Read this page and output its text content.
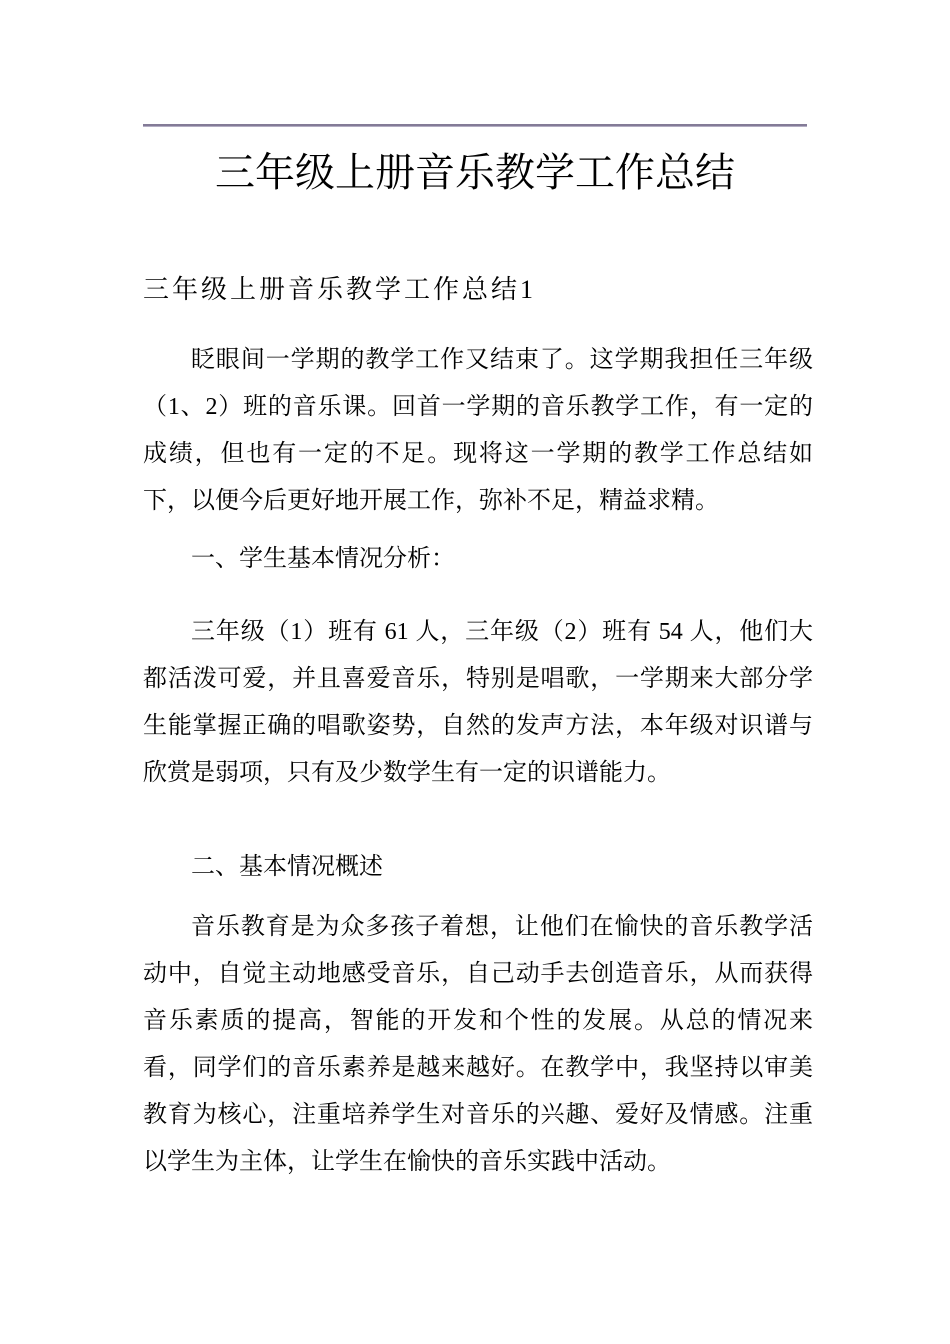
三年级上册音乐教学工作总结
三年级上册音乐教学工作总结1
眨眼间一学期的教学工作又结束了。这学期我担任三年级（1、2）班的音乐课。回首一学期的音乐教学工作，有一定的成绩，但也有一定的不足。现将这一学期的教学工作总结如下，以便今后更好地开展工作，弥补不足，精益求精。
一、学生基本情况分析：
三年级（1）班有 61 人，三年级（2）班有 54 人，他们大都活泼可爱，并且喜爱音乐，特别是唱歌，一学期来大部分学生能掌握正确的唱歌姿势，自然的发声方法，本年级对识谱与欣赏是弱项，只有及少数学生有一定的识谱能力。
二、基本情况概述
音乐教育是为众多孩子着想，让他们在愉快的音乐教学活动中，自觉主动地感受音乐，自己动手去创造音乐，从而获得音乐素质的提高，智能的开发和个性的发展。从总的情况来看，同学们的音乐素养是越来越好。在教学中，我坚持以审美教育为核心，注重培养学生对音乐的兴趣、爱好及情感。注重以学生为主体，让学生在愉快的音乐实践中活动。
